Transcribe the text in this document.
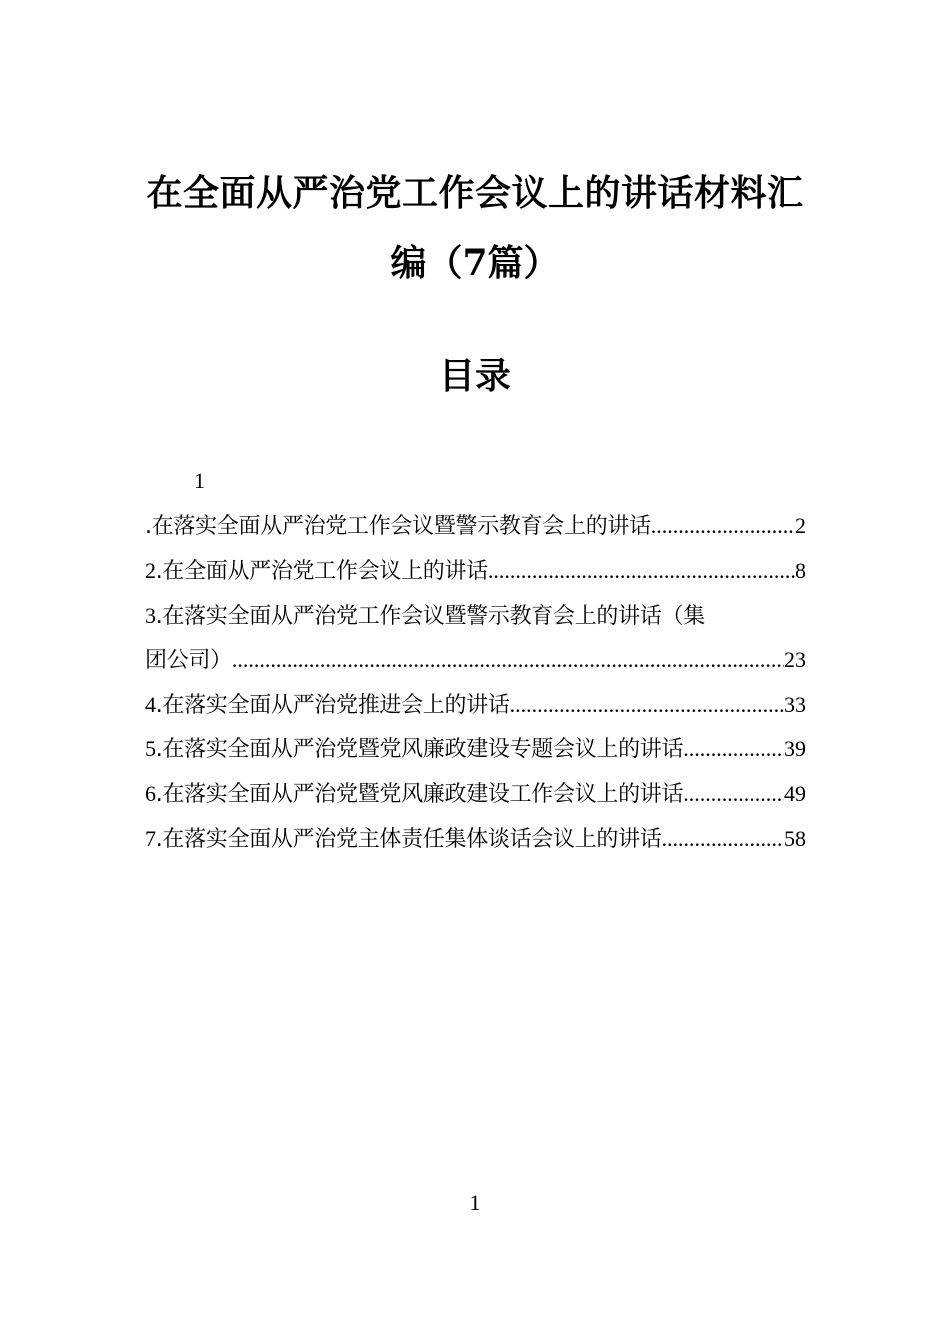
在全面从严治党工作会议上的讲话材料汇
编（7篇）
目录
1
.在落实全面从严治党工作会议暨警示教育会上的讲话 .....	2
2.在全面从严治党工作会议上的讲话 .....	8
3.在落实全面从严治党工作会议暨警示教育会上的讲话（集
团公司） .....	23
4.在落实全面从严治党推进会上的讲话 .....	33
5.在落实全面从严治党暨党风廉政建设专题会议上的讲话 .....	39
6.在落实全面从严治党暨党风廉政建设工作会议上的讲话 .....	49
7.在落实全面从严治党主体责任集体谈话会议上的讲话 .....	58
1
